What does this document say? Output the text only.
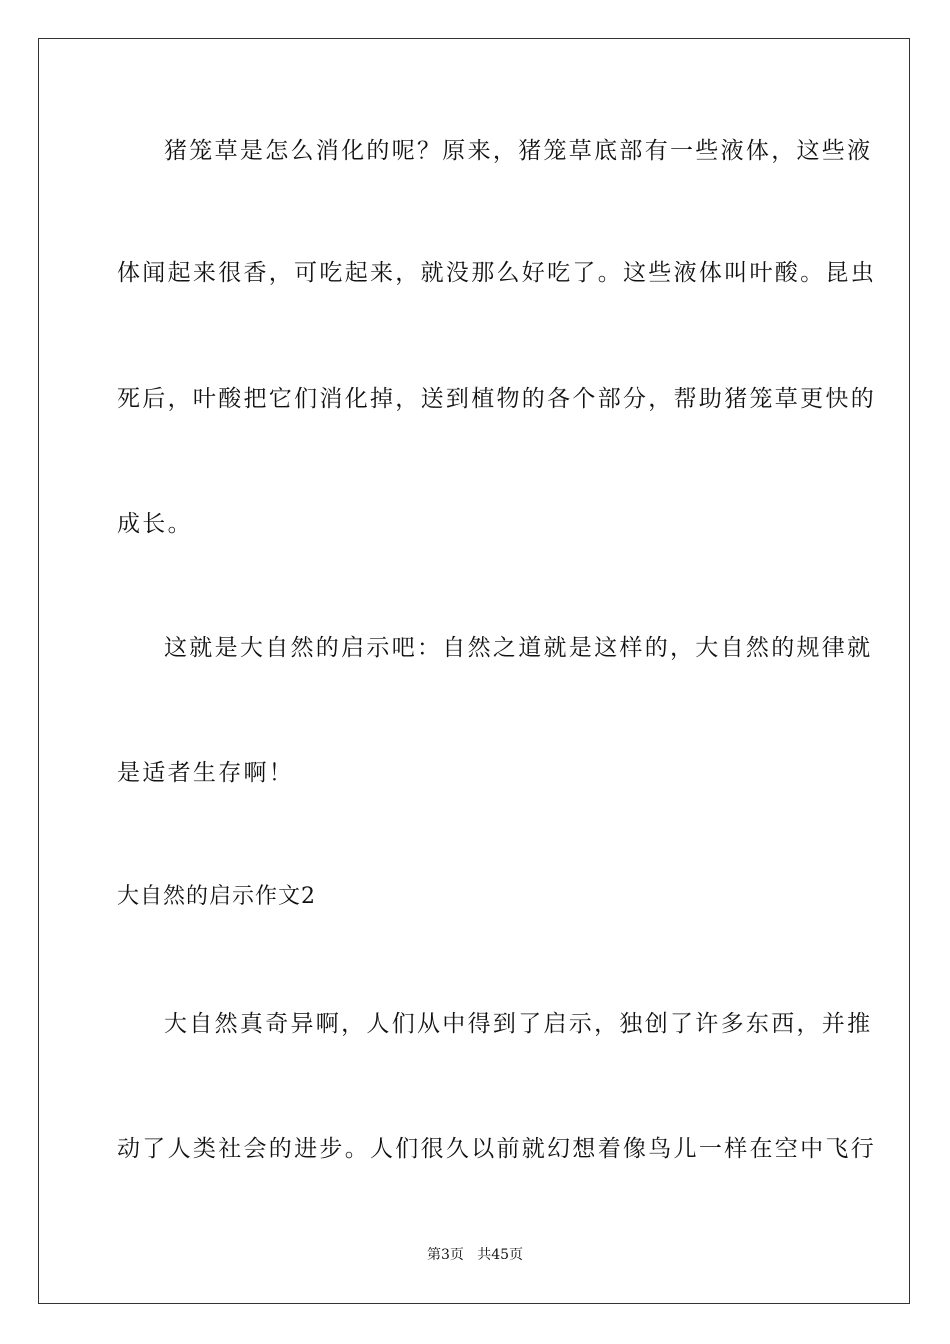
猪笼草是怎么消化的呢？原来，猪笼草底部有一些液体，这些液
体闻起来很香，可吃起来，就没那么好吃了。这些液体叫叶酸。昆虫
死后，叶酸把它们消化掉，送到植物的各个部分，帮助猪笼草更快的
成长。
这就是大自然的启示吧：自然之道就是这样的，大自然的规律就
是适者生存啊！
大自然的启示作文2
大自然真奇异啊，人们从中得到了启示，独创了许多东西，并推
动了人类社会的进步。人们很久以前就幻想着像鸟儿一样在空中飞行
第3页   共45页
